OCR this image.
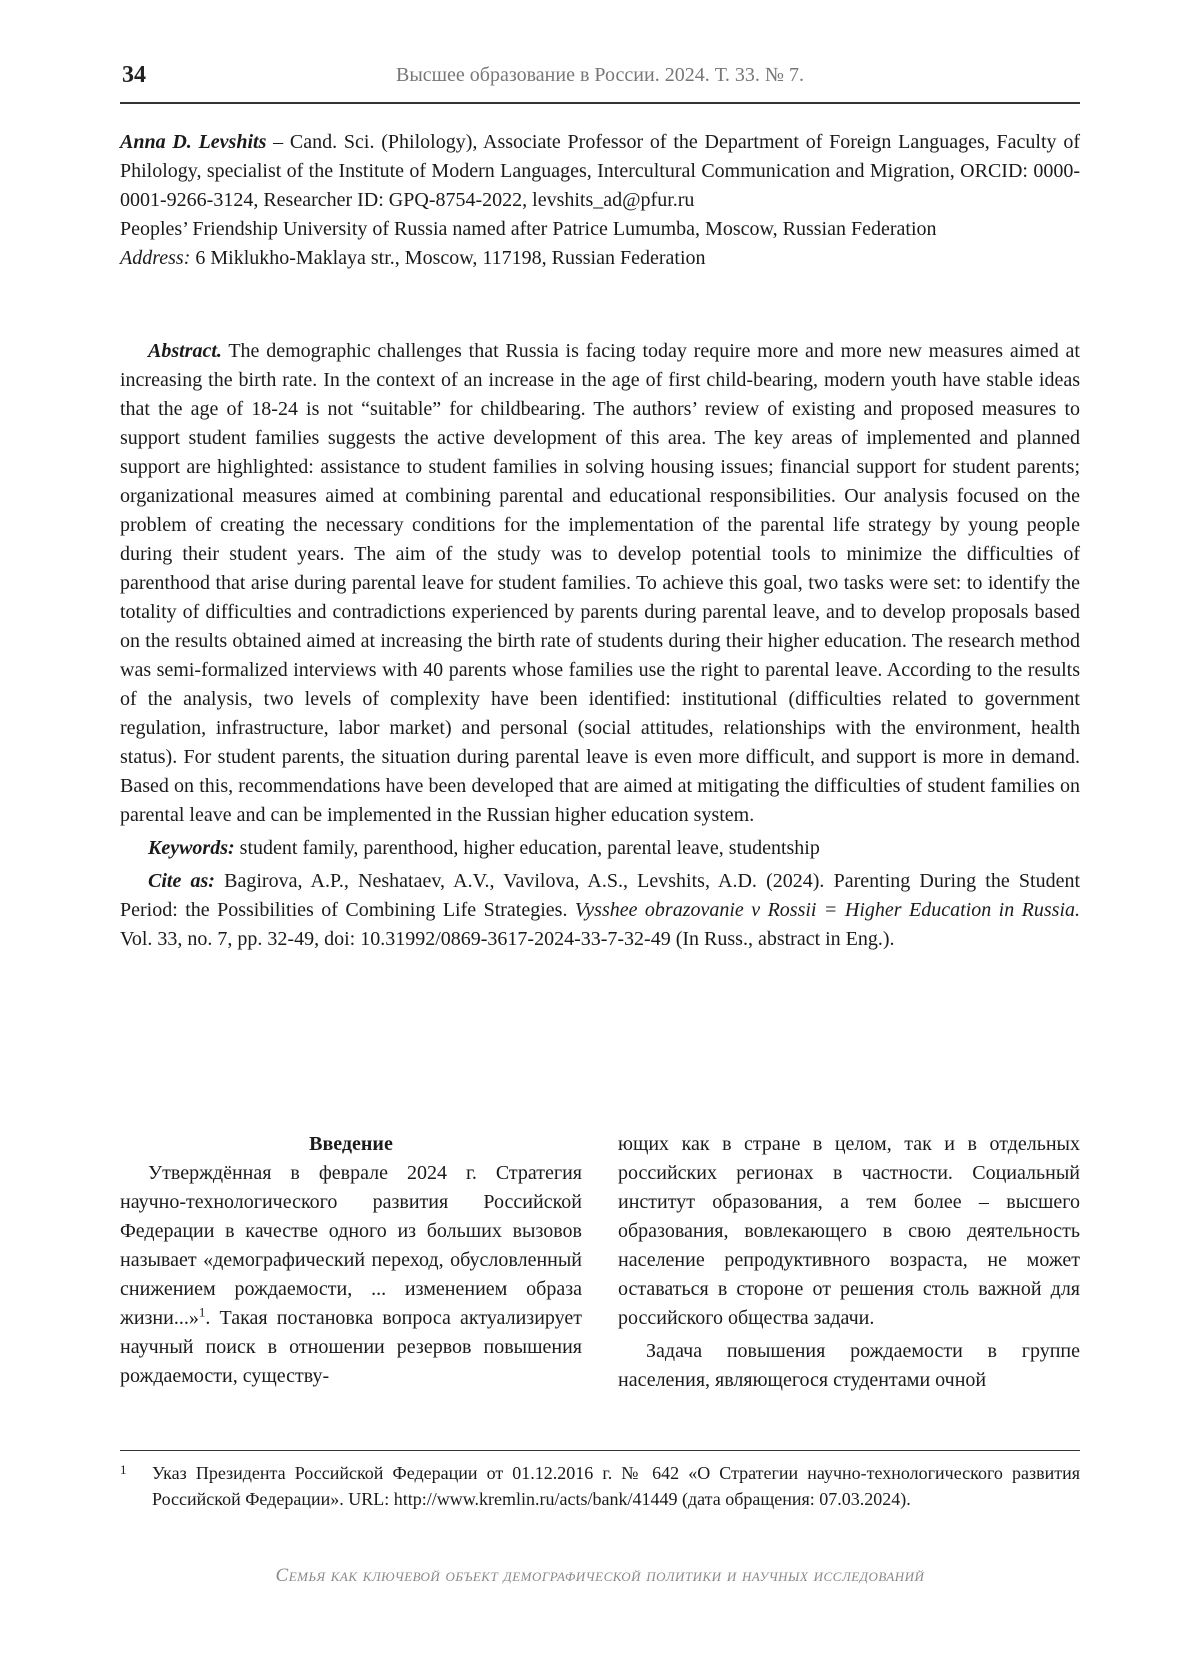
34	Высшее образование в России. 2024. Т. 33. № 7.

Anna D. Levshits – Cand. Sci. (Philology), Associate Professor of the Department of Foreign Languages, Faculty of Philology, specialist of the Institute of Modern Languages, Intercultural Communication and Migration, ORCID: 0000-0001-9266-3124, Researcher ID: GPQ-8754-2022, levshits_ad@pfur.ru

Peoples’ Friendship University of Russia named after Patrice Lumumba, Moscow, Russian Federation

Address: 6 Miklukho-Maklaya str., Moscow, 117198, Russian Federation

Abstract. The demographic challenges that Russia is facing today require more and more new measures aimed at increasing the birth rate. In the context of an increase in the age of first child-bearing, modern youth have stable ideas that the age of 18-24 is not “suitable” for childbearing. The authors’ review of existing and proposed measures to support student families suggests the active development of this area. The key areas of implemented and planned support are highlighted: assistance to student families in solving housing issues; financial support for student parents; organizational measures aimed at combining parental and educational responsibilities. Our analysis focused on the problem of creating the necessary conditions for the implementation of the parental life strategy by young people during their student years. The aim of the study was to develop potential tools to minimize the difficulties of parenthood that arise during parental leave for student families. To achieve this goal, two tasks were set: to identify the totality of difficulties and contradictions experienced by parents during parental leave, and to develop proposals based on the results obtained aimed at increasing the birth rate of students during their higher education. The research method was semi-formalized interviews with 40 parents whose families use the right to parental leave. According to the results of the analysis, two levels of complexity have been identified: institutional (difficulties related to government regulation, infrastructure, labor market) and personal (social attitudes, relationships with the environment, health status). For student parents, the situation during parental leave is even more difficult, and support is more in demand. Based on this, recommendations have been developed that are aimed at mitigating the difficulties of student families on parental leave and can be implemented in the Russian higher education system.

Keywords: student family, parenthood, higher education, parental leave, studentship

Cite as: Bagirova, A.P., Neshataev, A.V., Vavilova, A.S., Levshits, A.D. (2024). Parenting During the Student Period: the Possibilities of Combining Life Strategies. Vysshee obrazovanie v Rossii = Higher Education in Russia. Vol. 33, no. 7, pp. 32-49, doi: 10.31992/0869-3617-2024-33-7-32-49 (In Russ., abstract in Eng.).

Введение

Утверждённая в феврале 2024 г. Стратегия научно-технологического развития Российской Федерации в качестве одного из больших вызовов называет «демографический переход, обусловленный снижением рождаемости, ... изменением образа жизни...»$^1$. Такая постановка вопроса актуализирует научный поиск в отношении резервов повышения рождаемости, существу-

ющих как в стране в целом, так и в отдельных российских регионах в частности. Социальный институт образования, а тем более – высшего образования, вовлекающего в свою деятельность население репродуктивного возраста, не может оставаться в стороне от решения столь важной для российского общества задачи.

Задача повышения рождаемости в группе населения, являющегося студентами очной

1 Указ Президента Российской Федерации от 01.12.2016 г. № 642 «О Стратегии научно-технологического развития Российской Федерации». URL: http://www.kremlin.ru/acts/bank/41449 (дата обращения: 07.03.2024).
Семья как ключевой объект демографической политики и научных исследований
